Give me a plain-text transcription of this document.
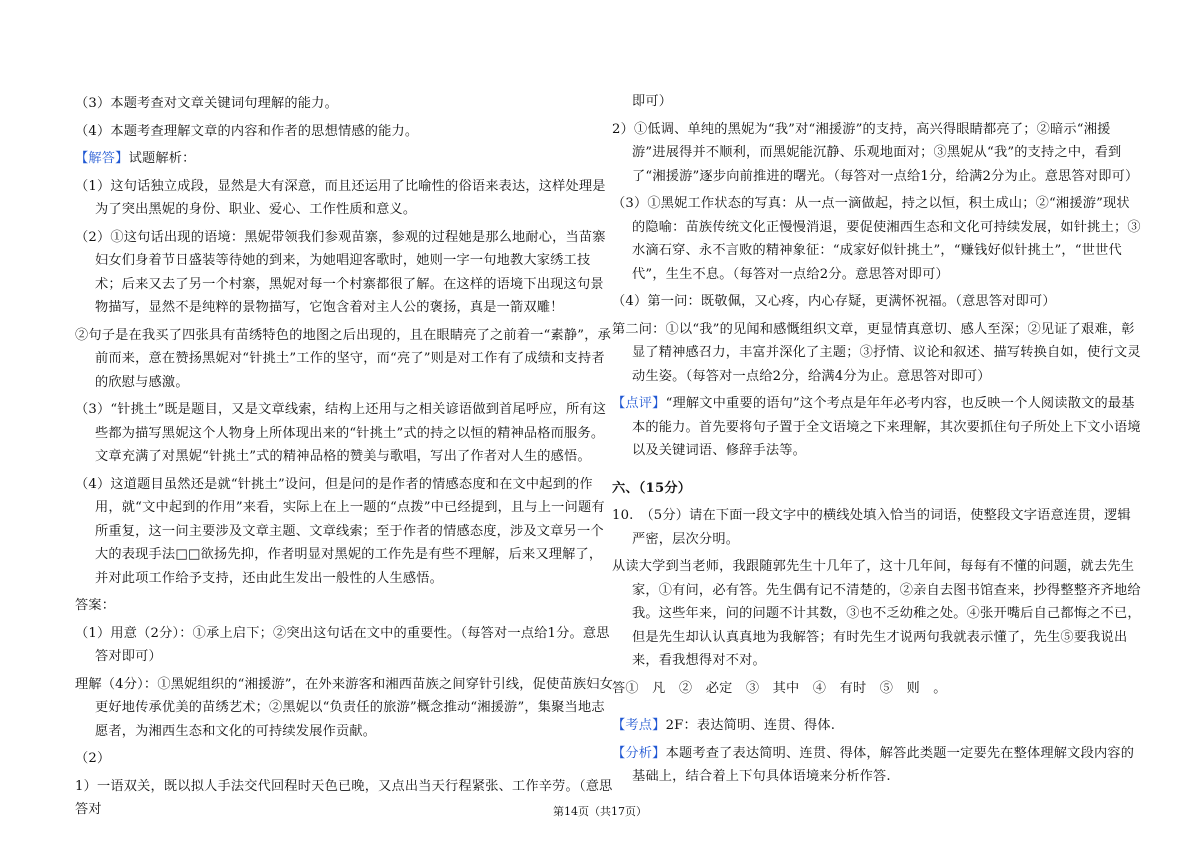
（3）本题考查对文章关键词句理解的能力。

（4）本题考查理解文章的内容和作者的思想情感的能力。

【解答】试题解析：

（1）这句话独立成段，显然是大有深意，而且还运用了比喻性的俗语来表达，这样处理是为了突出黑妮的身份、职业、爱心、工作性质和意义。

（2）①这句话出现的语境：黑妮带领我们参观苗寨，参观的过程她是那么地耐心，当苗寨妇女们身着节日盛装等待她的到来，为她唱迎客歌时，她则一字一句地教大家绣工技术；后来又去了另一个村寨，黑妮对每一个村寨都很了解。在这样的语境下出现这句景物描写，显然不是纯粹的景物描写，它饱含着对主人公的褒扬，真是一箭双雕！

②句子是在我买了四张具有苗绣特色的地图之后出现的，且在眼睛亮了之前着一“素静”，承前而来，意在赞扬黑妮对“针挑土”工作的坚守，而“亮了”则是对工作有了成绩和支持者的欣慰与感激。

（3）“针挑土”既是题目，又是文章线索，结构上还用与之相关谚语做到首尾呼应，所有这些都为描写黑妮这个人物身上所体现出来的“针挑土”式的持之以恒的精神品格而服务。文章充满了对黑妮“针挑土”式的精神品格的赞美与歌唱，写出了作者对人生的感悟。

（4）这道题目虽然还是就“针挑土”设问，但是问的是作者的情感态度和在文中起到的作用，就“文中起到的作用”来看，实际上在上一题的“点拨”中已经提到，且与上一问题有所重复，这一问主要涉及文章主题、文章线索；至于作者的情感态度，涉及文章另一个大的表现手法□□欲扬先抑，作者明显对黑妮的工作先是有些不理解，后来又理解了，并对此项工作给予支持，还由此生发出一般性的人生感悟。

答案：

（1）用意（2分）：①承上启下；②突出这句话在文中的重要性。（每答对一点给1分。意思答对即可）

理解（4分）：①黑妮组织的“湘援游”，在外来游客和湘西苗族之间穿针引线，促使苗族妇女更好地传承优美的苗绣艺术；②黑妮以“负责任的旅游”概念推动“湘援游”，集聚当地志愿者，为湘西生态和文化的可持续发展作贡献。

（2）

1）一语双关，既以拟人手法交代回程时天色已晚，又点出当天行程紧张、工作辛劳。（意思答对

即可）

2）①低调、单纯的黑妮为“我”对“湘援游”的支持，高兴得眼睛都亮了；②暗示“湘援游”进展得并不顺利，而黑妮能沉静、乐观地面对；③黑妮从“我”的支持之中，看到了“湘援游”逐步向前推进的曙光。（每答对一点给1分，给满2分为止。意思答对即可）

（3）①黑妮工作状态的写真：从一点一滴做起，持之以恒，积土成山；②“湘援游”现状的隐喻：苗族传统文化正慢慢消退，要促使湘西生态和文化可持续发展，如针挑土；③水滴石穿、永不言败的精神象征：“成家好似针挑土”，“赚钱好似针挑土”，“世世代代”，生生不息。（每答对一点给2分。意思答对即可）

（4）第一问：既敬佩，又心疼，内心存疑，更满怀祝福。（意思答对即可）

第二问：①以“我”的见闻和感慨组织文章，更显情真意切、感人至深；②见证了艰难，彰显了精神感召力，丰富并深化了主题；③抒情、议论和叙述、描写转换自如，使行文灵动生姿。（每答对一点给2分，给满4分为止。意思答对即可）

【点评】“理解文中重要的语句”这个考点是年年必考内容，也反映一个人阅读散文的最基本的能力。首先要将句子置于全文语境之下来理解，其次要抓住句子所处上下文小语境以及关键词语、修辞手法等。

六、（15分）

10.　（5分）请在下面一段文字中的横线处填入恰当的词语，使整段文字语意连贯，逻辑严密，层次分明。

从读大学到当老师，我跟随郭先生十几年了，这十几年间，每每有不懂的问题，就去先生家，①有问，必有答。先生偶有记不清楚的，②亲自去图书馆查来，抄得整整齐齐地给我。这些年来，问的问题不计其数，③也不乏幼稚之处。④张开嘴后自己都悔之不已，但是先生却认认真真地为我解答；有时先生才说两句我就表示懂了，先生⑤要我说出来，看我想得对不对。

答①　凡　②　必定　③　其中　④　有时　⑤　则　。

【考点】2F：表达简明、连贯、得体.

【分析】本题考查了表达简明、连贯、得体，解答此类题一定要先在整体理解文段内容的基础上，结合着上下句具体语境来分析作答.

第14页（共17页）
